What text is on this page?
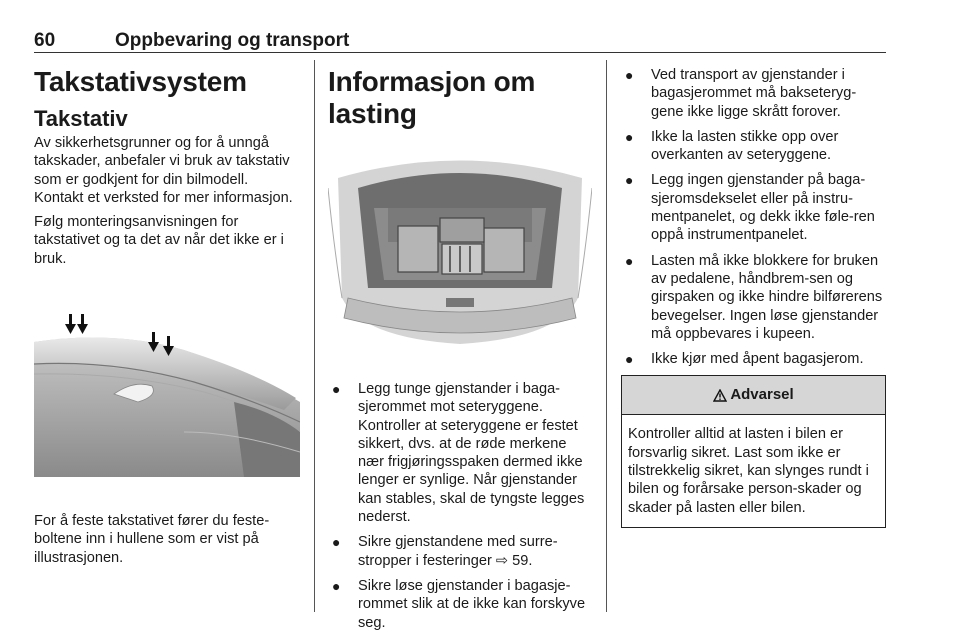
60	Oppbevaring og transport
Takstativsystem
Takstativ

Av sikkerhetsgrunner og for å unngå takskader, anbefaler vi bruk av takstativ som er godkjent for din bilmodell. Kontakt et verksted for mer informasjon.

Følg monteringsanvisningen for takstativet og ta det av når det ikke er i bruk.

For å feste takstativet fører du feste-boltene inn i hullene som er vist på illustrasjonen.

Informasjon om lasting
● Legg tunge gjenstander i baga-sjerommet mot seteryggene. Kontroller at seteryggene er festet sikkert, dvs. at de røde merkene nær frigjøringsspaken dermed ikke lenger er synlige. Når gjenstander kan stables, skal de tyngste legges nederst.
● Sikre gjenstandene med surre-stropper i festeringer ⇨ 59.
● Sikre løse gjenstander i bagasje-rommet slik at de ikke kan forskyve seg.
● Ved transport av gjenstander i bagasjerommet må bakseteryg-gene ikke ligge skrått forover.
● Ikke la lasten stikke opp over overkanten av seteryggene.
● Legg ingen gjenstander på baga-sjeromsdekselet eller på instru-mentpanelet, og dekk ikke føle-ren oppå instrumentpanelet.
● Lasten må ikke blokkere for bruken av pedalene, håndbrem-sen og girspaken og ikke hindre bilførerens bevegelser. Ingen løse gjenstander må oppbevares i kupeen.
● Ikke kjør med åpent bagasjerom.
Advarsel

Kontroller alltid at lasten i bilen er forsvarlig sikret. Last som ikke er tilstrekkelig sikret, kan slynges rundt i bilen og forårsake person-skader og skader på lasten eller bilen.
